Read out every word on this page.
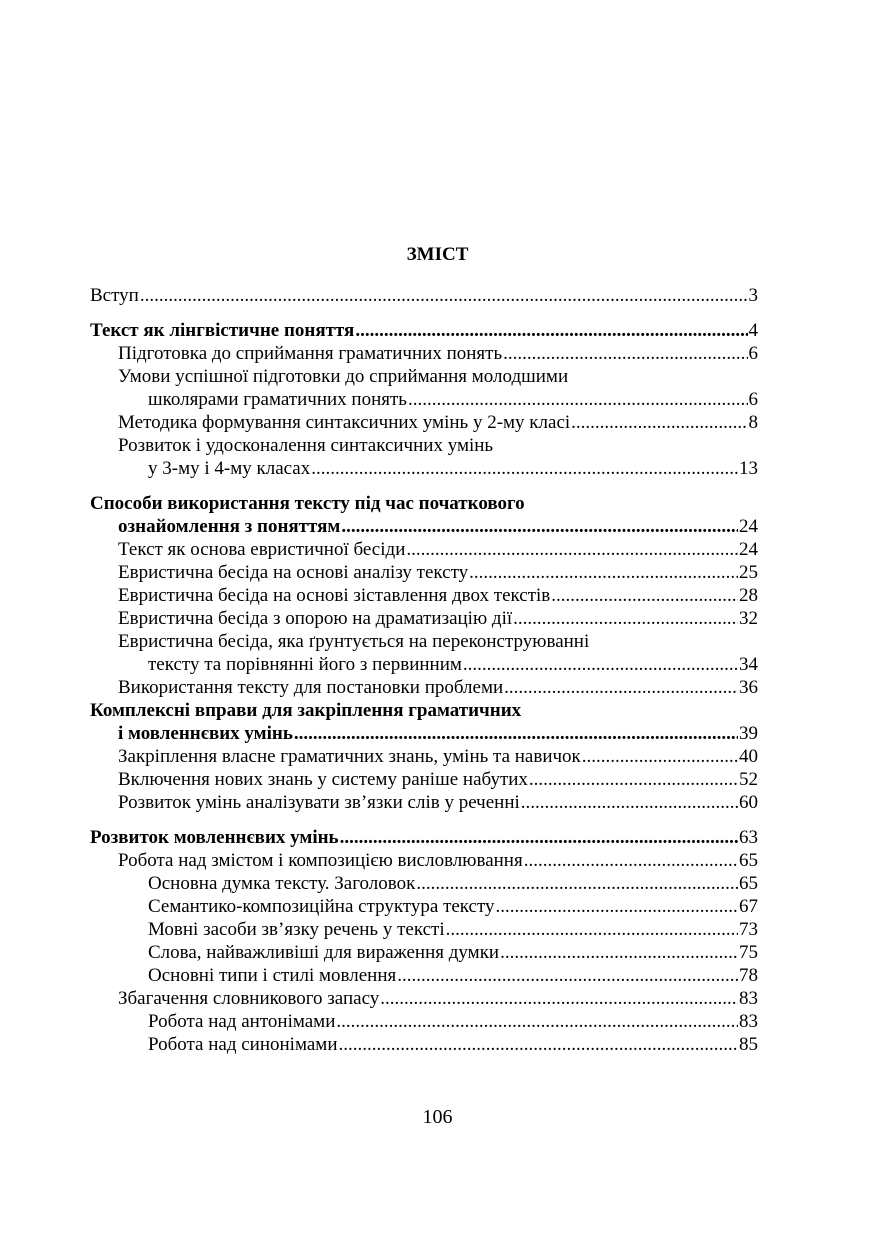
ЗМІСТ
Вступ .....	3
Текст як лінгвістичне поняття .....	4
Підготовка до сприймання граматичних понять .....	6
Умови успішної підготовки до сприймання молодшими
школярами граматичних понять .....	6
Методика формування синтаксичних умінь у 2-му класі .....	8
Розвиток і удосконалення синтаксичних умінь
у 3-му і 4-му класах .....	13
Способи використання тексту під час початкового
ознайомлення з поняттям .....	24
Текст як основа евристичної бесіди .....	24
Евристична бесіда на основі аналізу тексту .....	25
Евристична бесіда на основі зіставлення двох текстів .....	28
Евристична бесіда з опорою на драматизацію дії .....	32
Евристична бесіда, яка ґрунтується на переконструюванні
тексту та порівнянні його з первинним .....	34
Використання тексту для постановки проблеми .....	36
Комплексні вправи для закріплення граматичних
і мовленнєвих умінь .....	39
Закріплення власне граматичних знань, умінь та навичок .....	40
Включення нових знань у систему раніше набутих .....	52
Розвиток умінь аналізувати зв’язки слів у реченні .....	60
Розвиток мовленнєвих умінь .....	63
Робота над змістом і композицією висловлювання .....	65
Основна думка тексту. Заголовок .....	65
Семантико-композиційна структура тексту .....	67
Мовні засоби зв’язку речень у тексті .....	73
Слова, найважливіші для вираження думки .....	75
Основні типи і стилі мовлення .....	78
Збагачення словникового запасу .....	83
Робота над антонімами .....	83
Робота над синонімами .....	85
106
